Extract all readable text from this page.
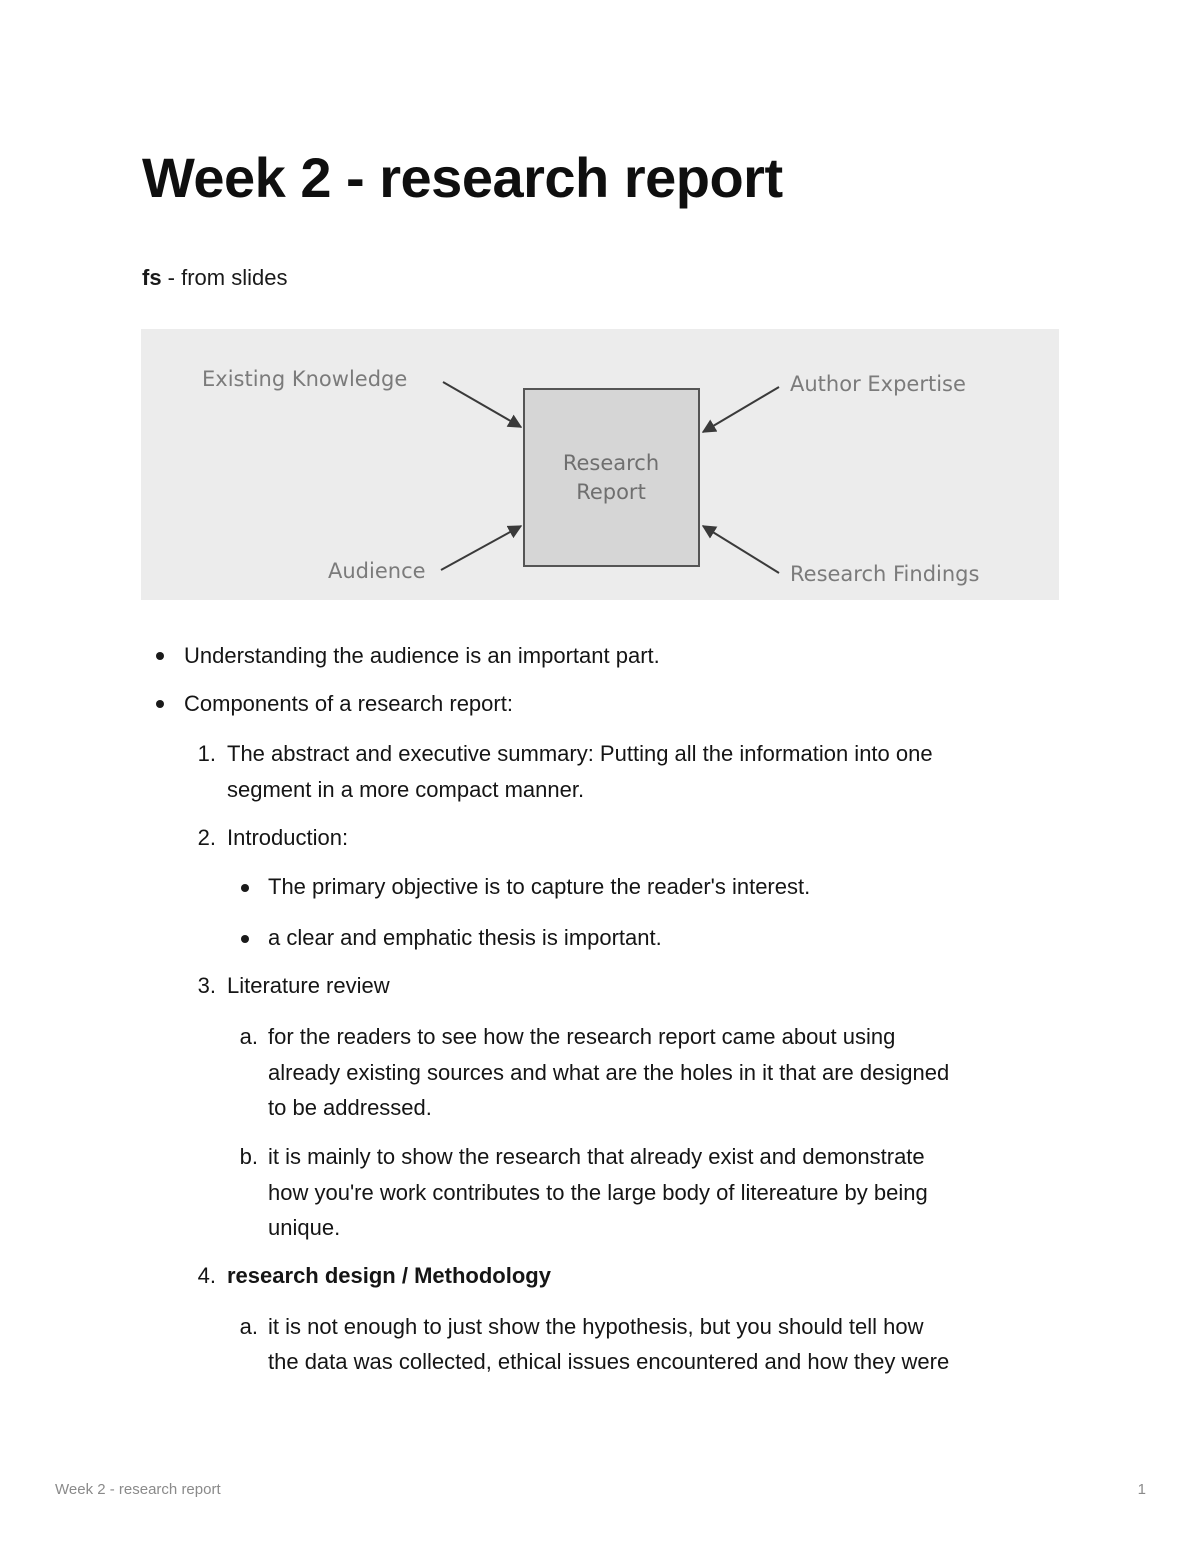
Week 2 - research report
fs - from slides
Research
Report
Existing Knowledge	Author Expertise
Audience	Research Findings
Understanding the audience is an important part.
Components of a research report:
1. The abstract and executive summary: Putting all the information into one
segment in a more compact manner.
2. Introduction:
The primary objective is to capture the reader's interest.
a clear and emphatic thesis is important.
3. Literature review
a. for the readers to see how the research report came about using
already existing sources and what are the holes in it that are designed
to be addressed.
b. it is mainly to show the research that already exist and demonstrate
how you're work contributes to the large body of litereature by being
unique.
4. research design / Methodology
a. it is not enough to just show the hypothesis, but you should tell how
the data was collected, ethical issues encountered and how they were
Week 2 - research report	1
